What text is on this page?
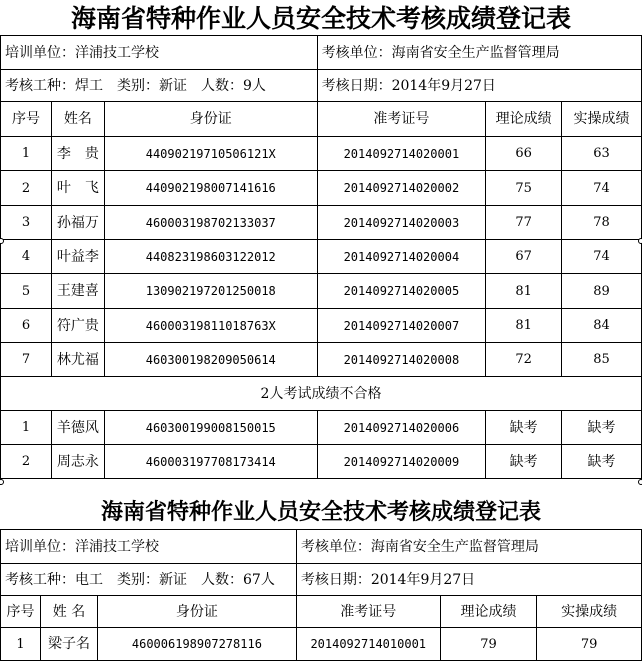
海南省特种作业人员安全技术考核成绩登记表
培训单位：洋浦技工学校			考核单位：海南省安全生产监督管理局		
考核工种：焊工　类别：新证　人数：9人			考核日期：2014年9月27日		
序号	姓名	身份证	准考证号	理论成绩	实操成绩
1	李　贵	44090219710506121X	2014092714020001	66	63
2	叶　飞	440902198007141616	2014092714020002	75	74
3	孙福万	460003198702133037	2014092714020003	77	78
4	叶益李	440823198603122012	2014092714020004	67	74
5	王建喜	130902197201250018	2014092714020005	81	89
6	符广贵	46000319811018763X	2014092714020007	81	84
7	林尤福	460300198209050614	2014092714020008	72	85
2人考试成绩不合格					
1	羊德风	460300199008150015	2014092714020006	缺考	缺考
2	周志永	460003197708173414	2014092714020009	缺考	缺考
海南省特种作业人员安全技术考核成绩登记表
培训单位：洋浦技工学校			考核单位：海南省安全生产监督管理局		
考核工种：电工　类别：新证　人数：67人			考核日期：2014年9月27日		
序号	姓 名	身份证	准考证号	理论成绩	实操成绩
1	梁子名	460006198907278116	2014092714010001	79	79
